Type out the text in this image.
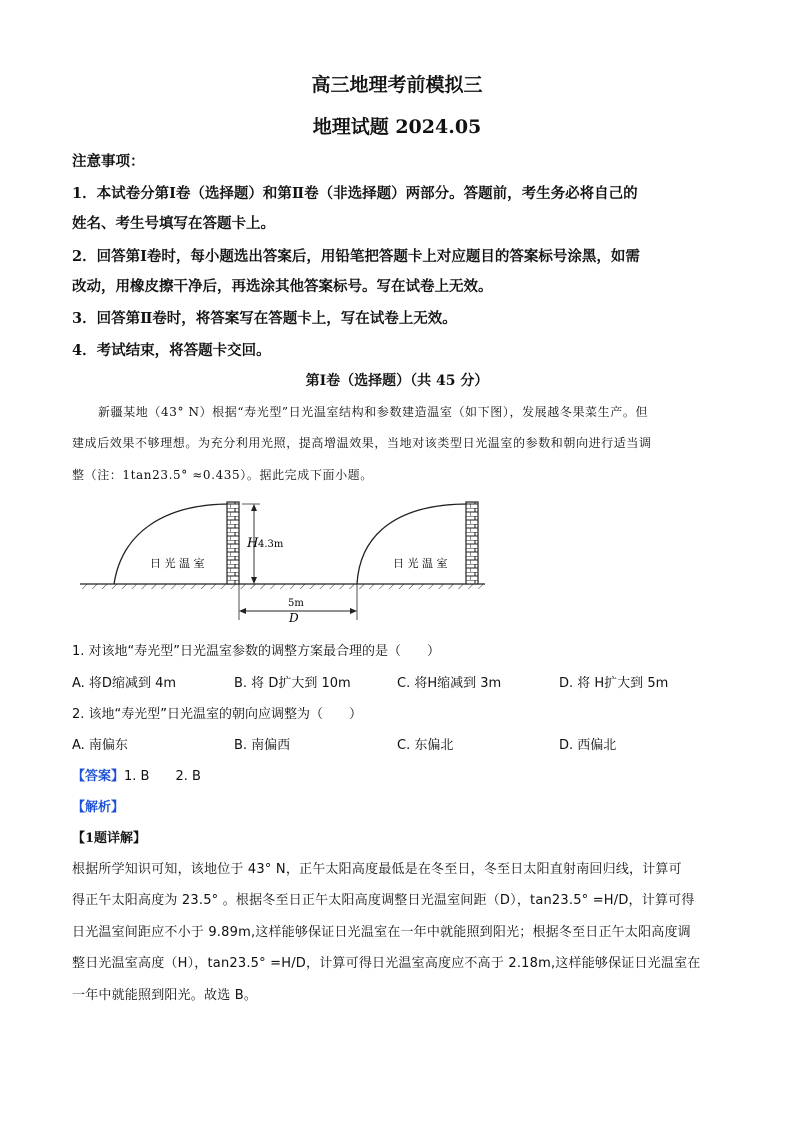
高三地理考前模拟三
地理试题 2024.05
注意事项：
1．本试卷分第Ⅰ卷（选择题）和第Ⅱ卷（非选择题）两部分。答题前，考生务必将自己的
姓名、考生号填写在答题卡上。
2．回答第Ⅰ卷时，每小题选出答案后，用铅笔把答题卡上对应题目的答案标号涂黑，如需
改动，用橡皮擦干净后，再选涂其他答案标号。写在试卷上无效。
3．回答第Ⅱ卷时，将答案写在答题卡上，写在试卷上无效。
4．考试结束，将答题卡交回。
第Ⅰ卷（选择题）（共 45 分）
新疆某地（43° N）根据“寿光型”日光温室结构和参数建造温室（如下图），发展越冬果菜生产。但
建成后效果不够理想。为充分利用光照，提高增温效果，当地对该类型日光温室的参数和朝向进行适当调
整（注：1tan23.5° ≈0.435）。据此完成下面小题。
日 光 温 室	日 光 温 室
H 4.3m
5m
D
1. 对该地“寿光型”日光温室参数的调整方案最合理的是（　　）
A. 将D缩减到 4m	B. 将 D扩大到 10m	C. 将H缩减到 3m	D. 将 H扩大到 5m
2. 该地“寿光型”日光温室的朝向应调整为（　　）
A. 南偏东	B. 南偏西	C. 东偏北	D. 西偏北
【答案】1. B　　2. B
【解析】
【1题详解】
根据所学知识可知，该地位于 43° N，正午太阳高度最低是在冬至日，冬至日太阳直射南回归线，计算可
得正午太阳高度为 23.5° 。根据冬至日正午太阳高度调整日光温室间距（D），tan23.5° =H/D，计算可得
日光温室间距应不小于 9.89m,这样能够保证日光温室在一年中就能照到阳光；根据冬至日正午太阳高度调
整日光温室高度（H），tan23.5° =H/D，计算可得日光温室高度应不高于 2.18m,这样能够保证日光温室在
一年中就能照到阳光。故选 B。
